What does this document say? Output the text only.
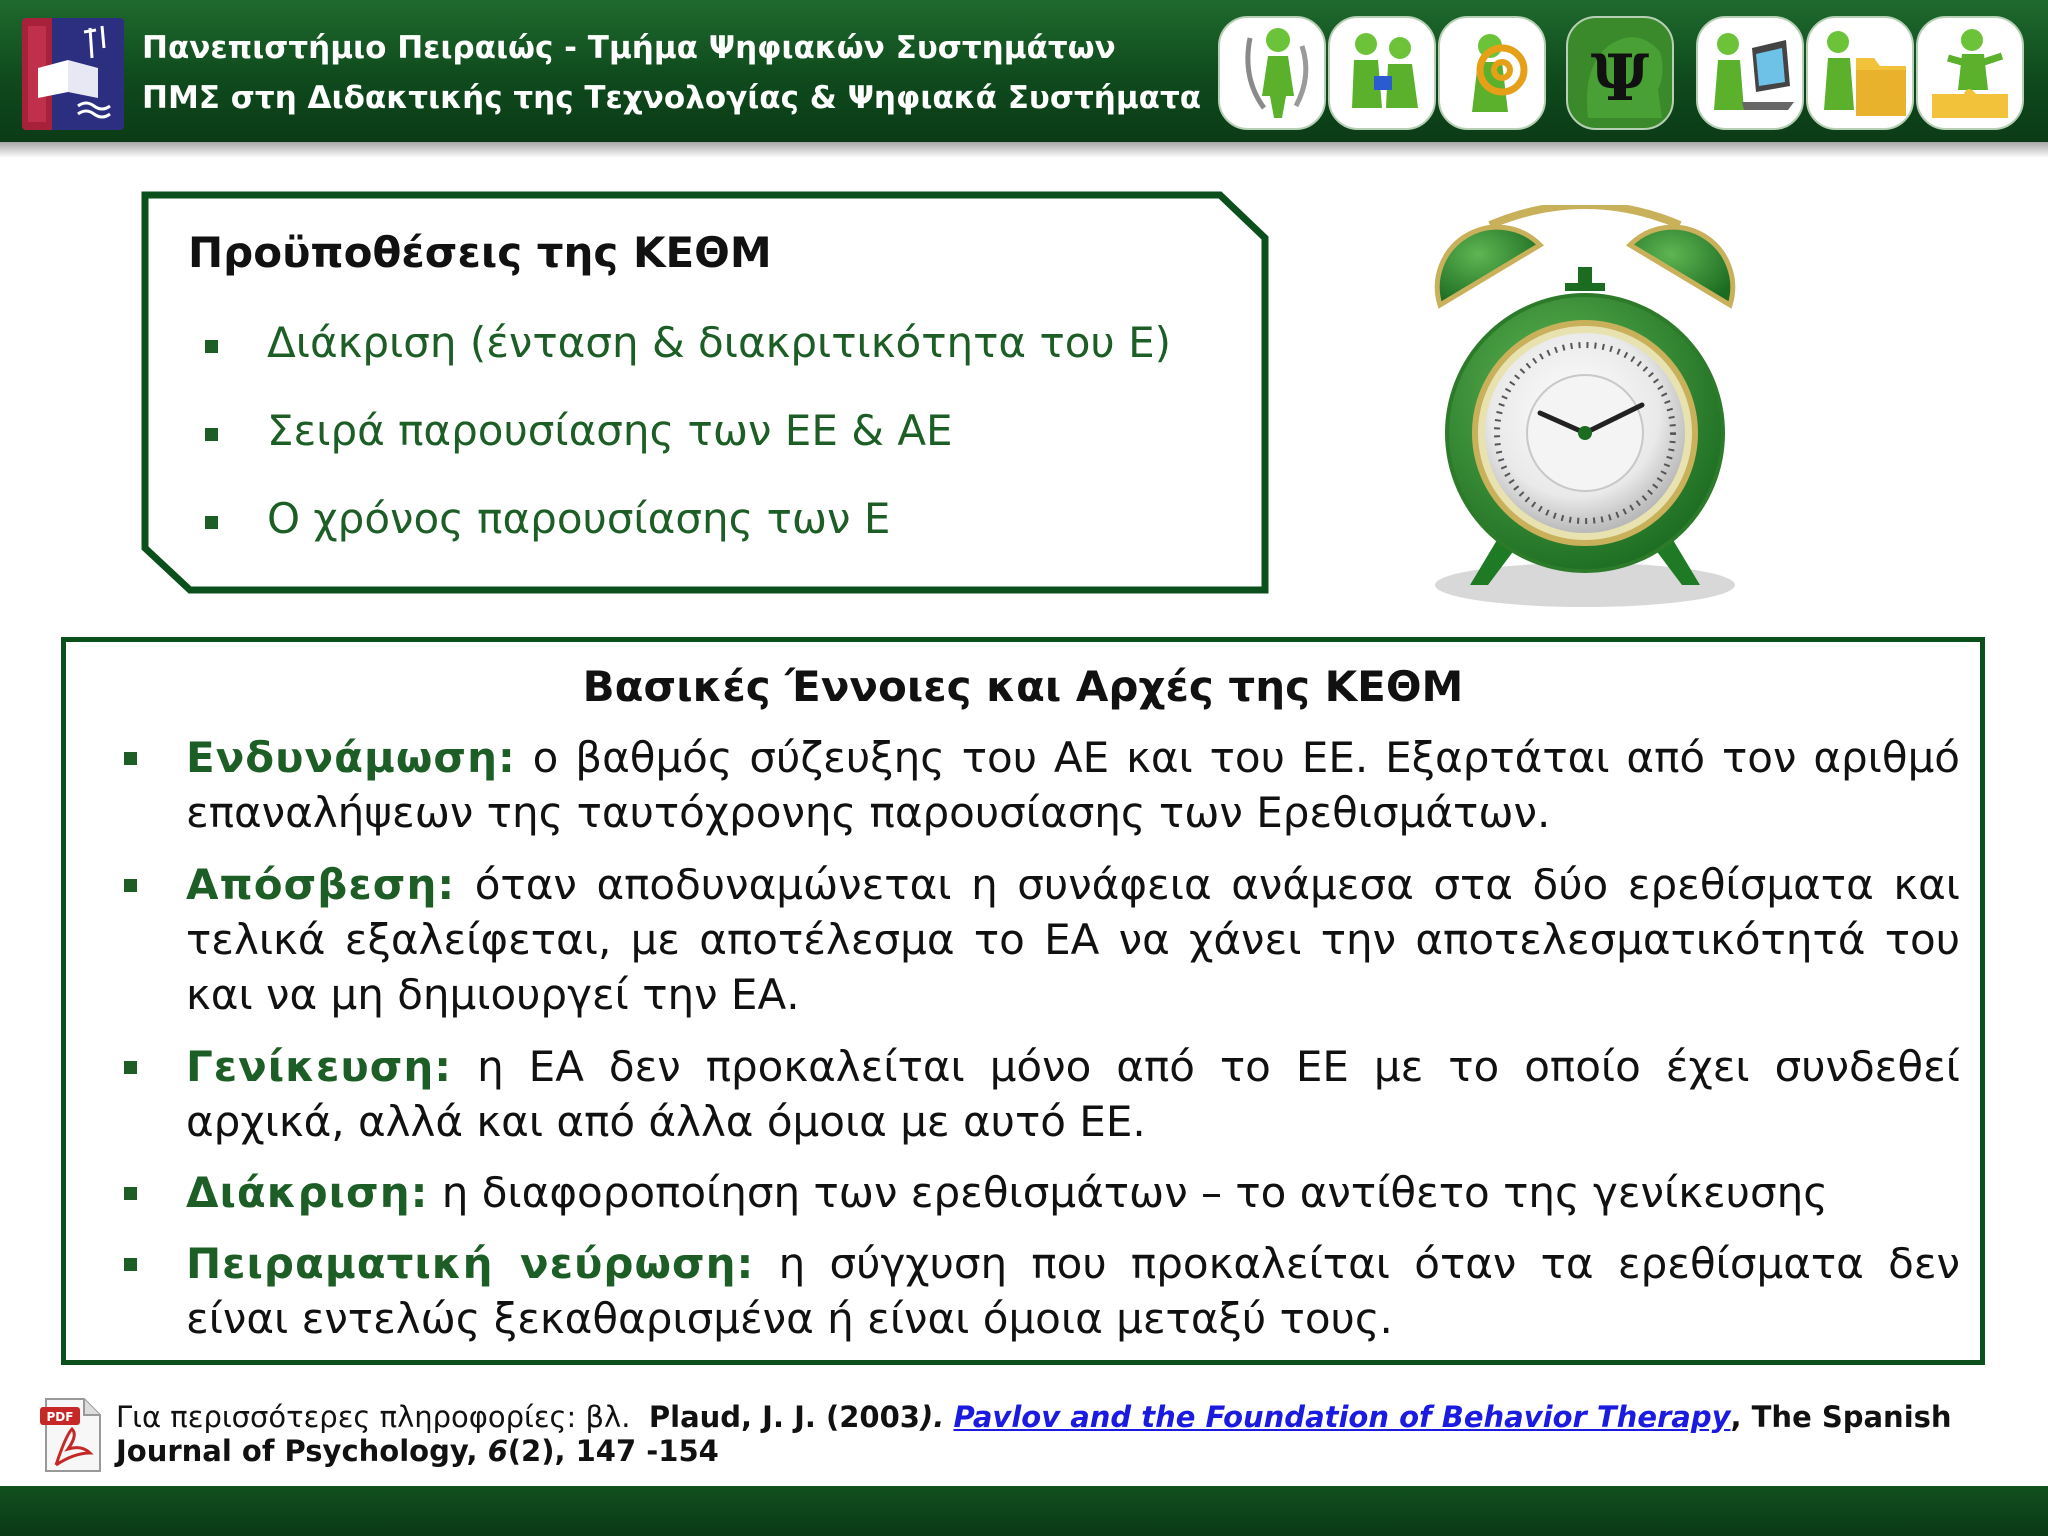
Πανεπιστήμιο Πειραιώς - Τμήμα Ψηφιακών Συστημάτων
ΠΜΣ στη Διδακτικής της Τεχνολογίας & Ψηφιακά Συστήματα	Ψ
Προϋποθέσεις της ΚΕΘΜ
Διάκριση (ένταση & διακριτικότητα του Ε)
Σειρά παρουσίασης των ΕΕ & ΑΕ
Ο χρόνος παρουσίασης των Ε
Βασικές Έννοιες και Αρχές της ΚΕΘΜ
Ενδυνάμωση: ο βαθμός σύζευξης του ΑΕ και του ΕΕ. Εξαρτάται από τον αριθμό επαναλήψεων της ταυτόχρονης παρουσίασης των Ερεθισμάτων.
Απόσβεση: όταν αποδυναμώνεται η συνάφεια ανάμεσα στα δύο ερεθίσματα και τελικά εξαλείφεται, με αποτέλεσμα το ΕΑ να χάνει την αποτελεσματικότητά του και να μη δημιουργεί την ΕΑ.
Γενίκευση: η ΕΑ δεν προκαλείται μόνο από το ΕΕ με το οποίο έχει συνδεθεί αρχικά, αλλά και από άλλα όμοια με αυτό ΕΕ.
Διάκριση: η διαφοροποίηση των ερεθισμάτων – το αντίθετο της γενίκευσης
Πειραματική νεύρωση: η σύγχυση που προκαλείται όταν τα ερεθίσματα δεν είναι εντελώς ξεκαθαρισμένα ή είναι όμοια μεταξύ τους.
PDF Για περισσότερες πληροφορίες: βλ. Plaud, J. J. (2003). Pavlov and the Foundation of Behavior Therapy, The Spanish Journal of Psychology, 6(2), 147 -154
